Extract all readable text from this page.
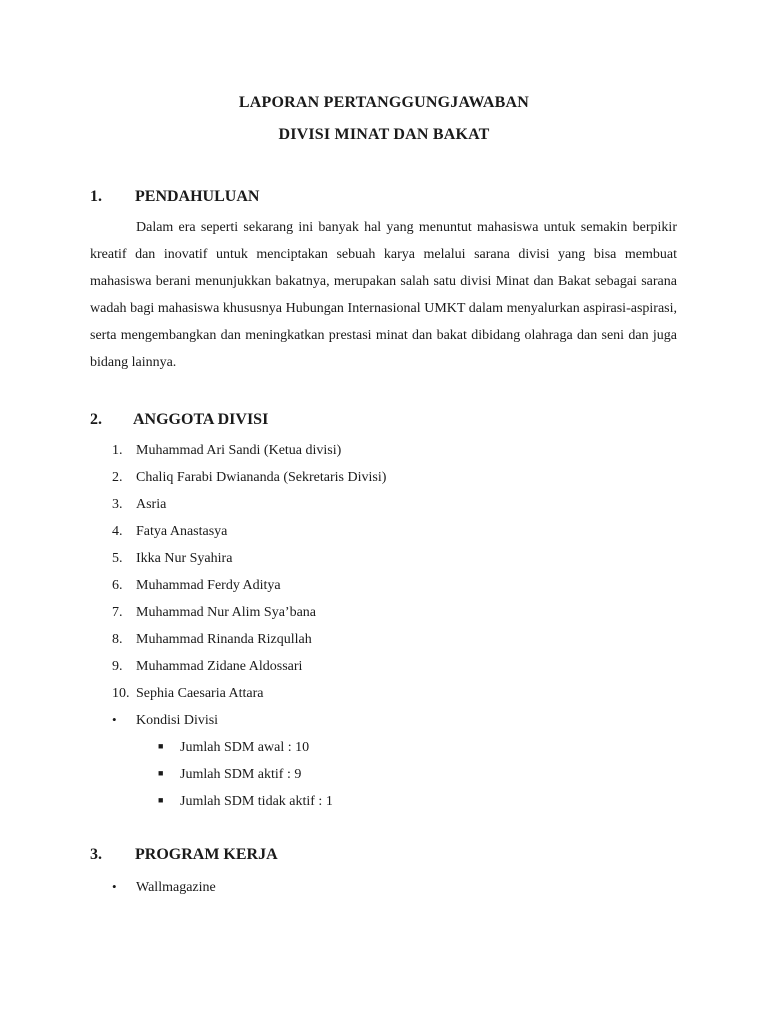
LAPORAN PERTANGGUNGJAWABAN
DIVISI MINAT DAN BAKAT
1. PENDAHULUAN
Dalam era seperti sekarang ini banyak hal yang menuntut mahasiswa untuk semakin berpikir kreatif dan inovatif untuk menciptakan sebuah karya melalui sarana divisi yang bisa membuat mahasiswa berani menunjukkan bakatnya, merupakan salah satu divisi Minat dan Bakat sebagai sarana wadah bagi mahasiswa khususnya Hubungan Internasional UMKT dalam menyalurkan aspirasi-aspirasi, serta mengembangkan dan meningkatkan prestasi minat dan bakat dibidang olahraga dan seni dan juga bidang lainnya.
2. ANGGOTA DIVISI
1. Muhammad Ari Sandi (Ketua divisi)
2. Chaliq Farabi Dwiananda (Sekretaris Divisi)
3. Asria
4. Fatya Anastasya
5. Ikka Nur Syahira
6. Muhammad Ferdy Aditya
7. Muhammad Nur Alim Sya’bana
8. Muhammad Rinanda Rizqullah
9. Muhammad Zidane Aldossari
10. Sephia Caesaria Attara
• Kondisi Divisi
■ Jumlah SDM awal : 10
■ Jumlah SDM aktif : 9
■ Jumlah SDM tidak aktif : 1
3. PROGRAM KERJA
• Wallmagazine
